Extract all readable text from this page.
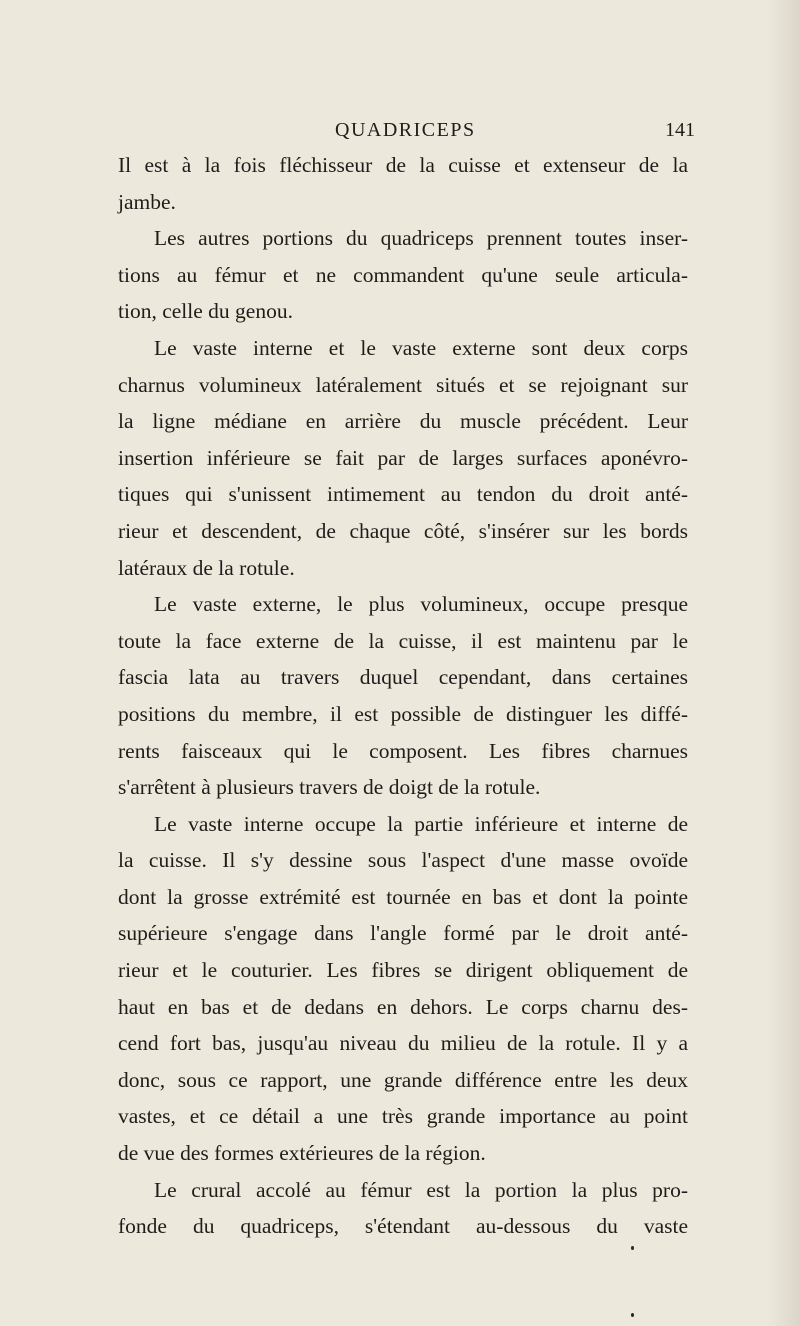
QUADRICEPS	141
Il est à la fois fléchisseur de la cuisse et extenseur de la
jambe.
Les autres portions du quadriceps prennent toutes inser-
tions au fémur et ne commandent qu'une seule articula-
tion, celle du genou.
Le vaste interne et le vaste externe sont deux corps
charnus volumineux latéralement situés et se rejoignant sur
la ligne médiane en arrière du muscle précédent. Leur
insertion inférieure se fait par de larges surfaces aponévro-
tiques qui s'unissent intimement au tendon du droit anté-
rieur et descendent, de chaque côté, s'insérer sur les bords
latéraux de la rotule.
Le vaste externe, le plus volumineux, occupe presque
toute la face externe de la cuisse, il est maintenu par le
fascia lata au travers duquel cependant, dans certaines
positions du membre, il est possible de distinguer les diffé-
rents faisceaux qui le composent. Les fibres charnues
s'arrêtent à plusieurs travers de doigt de la rotule.
Le vaste interne occupe la partie inférieure et interne de
la cuisse. Il s'y dessine sous l'aspect d'une masse ovoïde
dont la grosse extrémité est tournée en bas et dont la pointe
supérieure s'engage dans l'angle formé par le droit anté-
rieur et le couturier. Les fibres se dirigent obliquement de
haut en bas et de dedans en dehors. Le corps charnu des-
cend fort bas, jusqu'au niveau du milieu de la rotule. Il y a
donc, sous ce rapport, une grande différence entre les deux
vastes, et ce détail a une très grande importance au point
de vue des formes extérieures de la région.
Le crural accolé au fémur est la portion la plus pro-
fonde du quadriceps, s'étendant au-dessous du vaste
